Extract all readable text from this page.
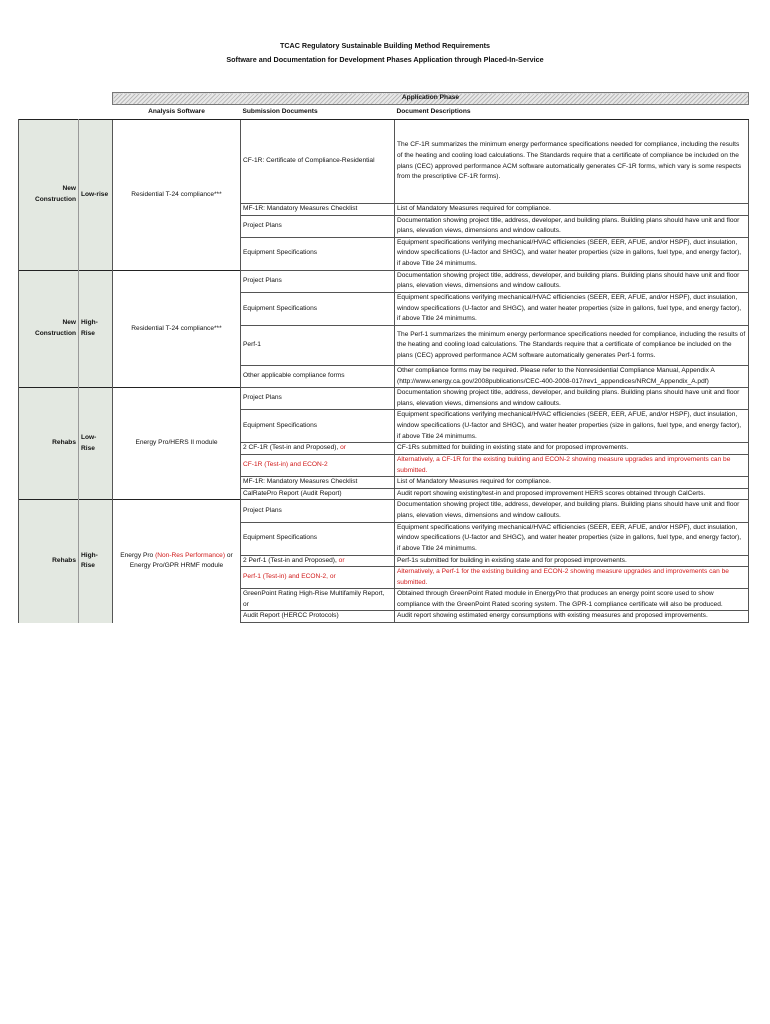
TCAC Regulatory Sustainable Building Method Requirements
Software and Documentation for Development Phases Application through Placed-In-Service
		Application Phase		
		Analysis Software	Submission Documents	Document Descriptions
New Construction	Low-rise	Residential T-24 compliance***	CF-1R: Certificate of Compliance-Residential	The CF-1R summarizes the minimum energy performance specifications needed for compliance, including the results of the heating and cooling load calculations. The Standards require that a certificate of compliance be included on the plans (CEC) approved performance ACM software automatically generates CF-1R forms, which vary is some respects from the prescriptive CF-1R forms).
			MF-1R: Mandatory Measures Checklist	List of Mandatory Measures required for compliance.
			Project Plans	Documentation showing project title, address, developer, and building plans. Building plans should have unit and floor plans, elevation views, dimensions and window callouts.
			Equipment Specifications	Equipment specifications verifying mechanical/HVAC efficiencies (SEER, EER, AFUE, and/or HSPF), duct insulation, window specifications (U-factor and SHGC), and water heater properties (size in gallons, fuel type, and energy factor), if above Title 24 minimums.
New Construction	High-Rise	Residential T-24 compliance***	Project Plans	Documentation showing project title, address, developer, and building plans. Building plans should have unit and floor plans, elevation views, dimensions and window callouts.
			Equipment Specifications	Equipment specifications verifying mechanical/HVAC efficiencies (SEER, EER, AFUE, and/or HSPF), duct insulation, window specifications (U-factor and SHGC), and water heater properties (size in gallons, fuel type, and energy factor), if above Title 24 minimums.
			Perf-1	The Perf-1 summarizes the minimum energy performance specifications needed for compliance, including the results of the heating and cooling load calculations. The Standards require that a certificate of compliance be included on the plans (CEC) approved performance ACM software automatically generates Perf-1 forms.
			Other applicable compliance forms	Other compliance forms may be required. Please refer to the Nonresidential Compliance Manual, Appendix A (http://www.energy.ca.gov/2008publications/CEC-400-2008-017/rev1_appendices/NRCM_Appendix_A.pdf)
Rehabs	Low-Rise	Energy Pro/HERS II module	Project Plans	Documentation showing project title, address, developer, and building plans. Building plans should have unit and floor plans, elevation views, dimensions and window callouts.
			Equipment Specifications	Equipment specifications verifying mechanical/HVAC efficiencies (SEER, EER, AFUE, and/or HSPF), duct insulation, window specifications (U-factor and SHGC), and water heater properties (size in gallons, fuel type, and energy factor), if above Title 24 minimums.
			2 CF-1R (Test-in and Proposed), or	CF-1Rs submitted for building in existing state and for proposed improvements.
			CF-1R (Test-in) and ECON-2	Alternatively, a CF-1R for the existing building and ECON-2 showing measure upgrades and improvements can be submitted.
			MF-1R: Mandatory Measures Checklist	List of Mandatory Measures required for compliance.
			CalRatePro Report (Audit Report)	Audit report showing existing/test-in and proposed improvement HERS scores obtained through CalCerts.
Rehabs	High-Rise	Energy Pro (Non-Res Performance) or Energy Pro/GPR HRMF module	Project Plans	Documentation showing project title, address, developer, and building plans. Building plans should have unit and floor plans, elevation views, dimensions and window callouts.
			Equipment Specifications	Equipment specifications verifying mechanical/HVAC efficiencies (SEER, EER, AFUE, and/or HSPF), duct insulation, window specifications (U-factor and SHGC), and water heater properties (size in gallons, fuel type, and energy factor), if above Title 24 minimums.
			2 Perf-1 (Test-in and Proposed), or	Perf-1s submitted for building in existing state and for proposed improvements.
			Perf-1 (Test-in) and ECON-2, or	Alternatively, a Perf-1 for the existing building and ECON-2 showing measure upgrades and improvements can be submitted.
			GreenPoint Rating High-Rise Multifamily Report, or	Obtained through GreenPoint Rated module in EnergyPro that produces an energy point score used to show compliance with the GreenPoint Rated scoring system. The GPR-1 compliance certificate will also be produced.
			Audit Report (HERCC Protocols)	Audit report showing estimated energy consumptions with existing measures and proposed improvements.
